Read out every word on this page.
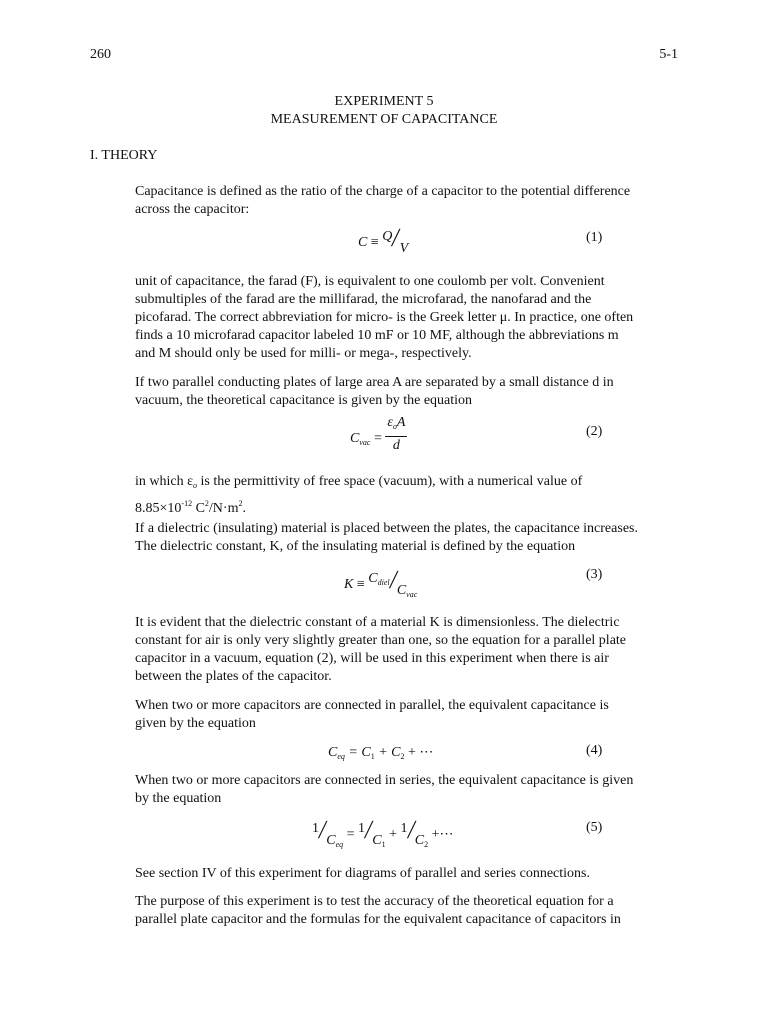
260	5-1
EXPERIMENT 5
MEASUREMENT OF CAPACITANCE
I. THEORY
Capacitance is defined as the ratio of the charge of a capacitor to the potential difference
across the capacitor:
C ≡ Q/V
(1)
unit of capacitance, the farad (F), is equivalent to one coulomb per volt. Convenient
submultiples of the farad are the millifarad, the microfarad, the nanofarad and the
picofarad. The correct abbreviation for micro- is the Greek letter μ. In practice, one often
finds a 10 microfarad capacitor labeled 10 mF or 10 MF, although the abbreviations m
and M should only be used for milli- or mega-, respectively.
If two parallel conducting plates of large area A are separated by a small distance d in
vacuum, the theoretical capacitance is given by the equation
$C_{vac} = \frac{\varepsilon_oA}{d}$	(2)
in which $\varepsilon_o$ is the permittivity of free space (vacuum), with a numerical value of
$8.85\times 10^{-12}$ $C^2/N\cdot m^2$.
If a dielectric (insulating) material is placed between the plates, the capacitance increases.
The dielectric constant, K, of the insulating material is defined by the equation
$K \equiv C_{diel}/C_{vac}$
(3)
It is evident that the dielectric constant of a material K is dimensionless. The dielectric
constant for air is only very slightly greater than one, so the equation for a parallel plate
capacitor in a vacuum, equation (2), will be used in this experiment when there is air
between the plates of the capacitor.
When two or more capacitors are connected in parallel, the equivalent capacitance is
given by the equation
$C_{eq} = C_1 + C_2$ + ⋯	(4)
When two or more capacitors are connected in series, the equivalent capacitance is given
by the equation
$1/C_{eq} = 1/C_1 + 1/C_2$ +⋯	(5)
See section IV of this experiment for diagrams of parallel and series connections.
The purpose of this experiment is to test the accuracy of the theoretical equation for a
parallel plate capacitor and the formulas for the equivalent capacitance of capacitors in
